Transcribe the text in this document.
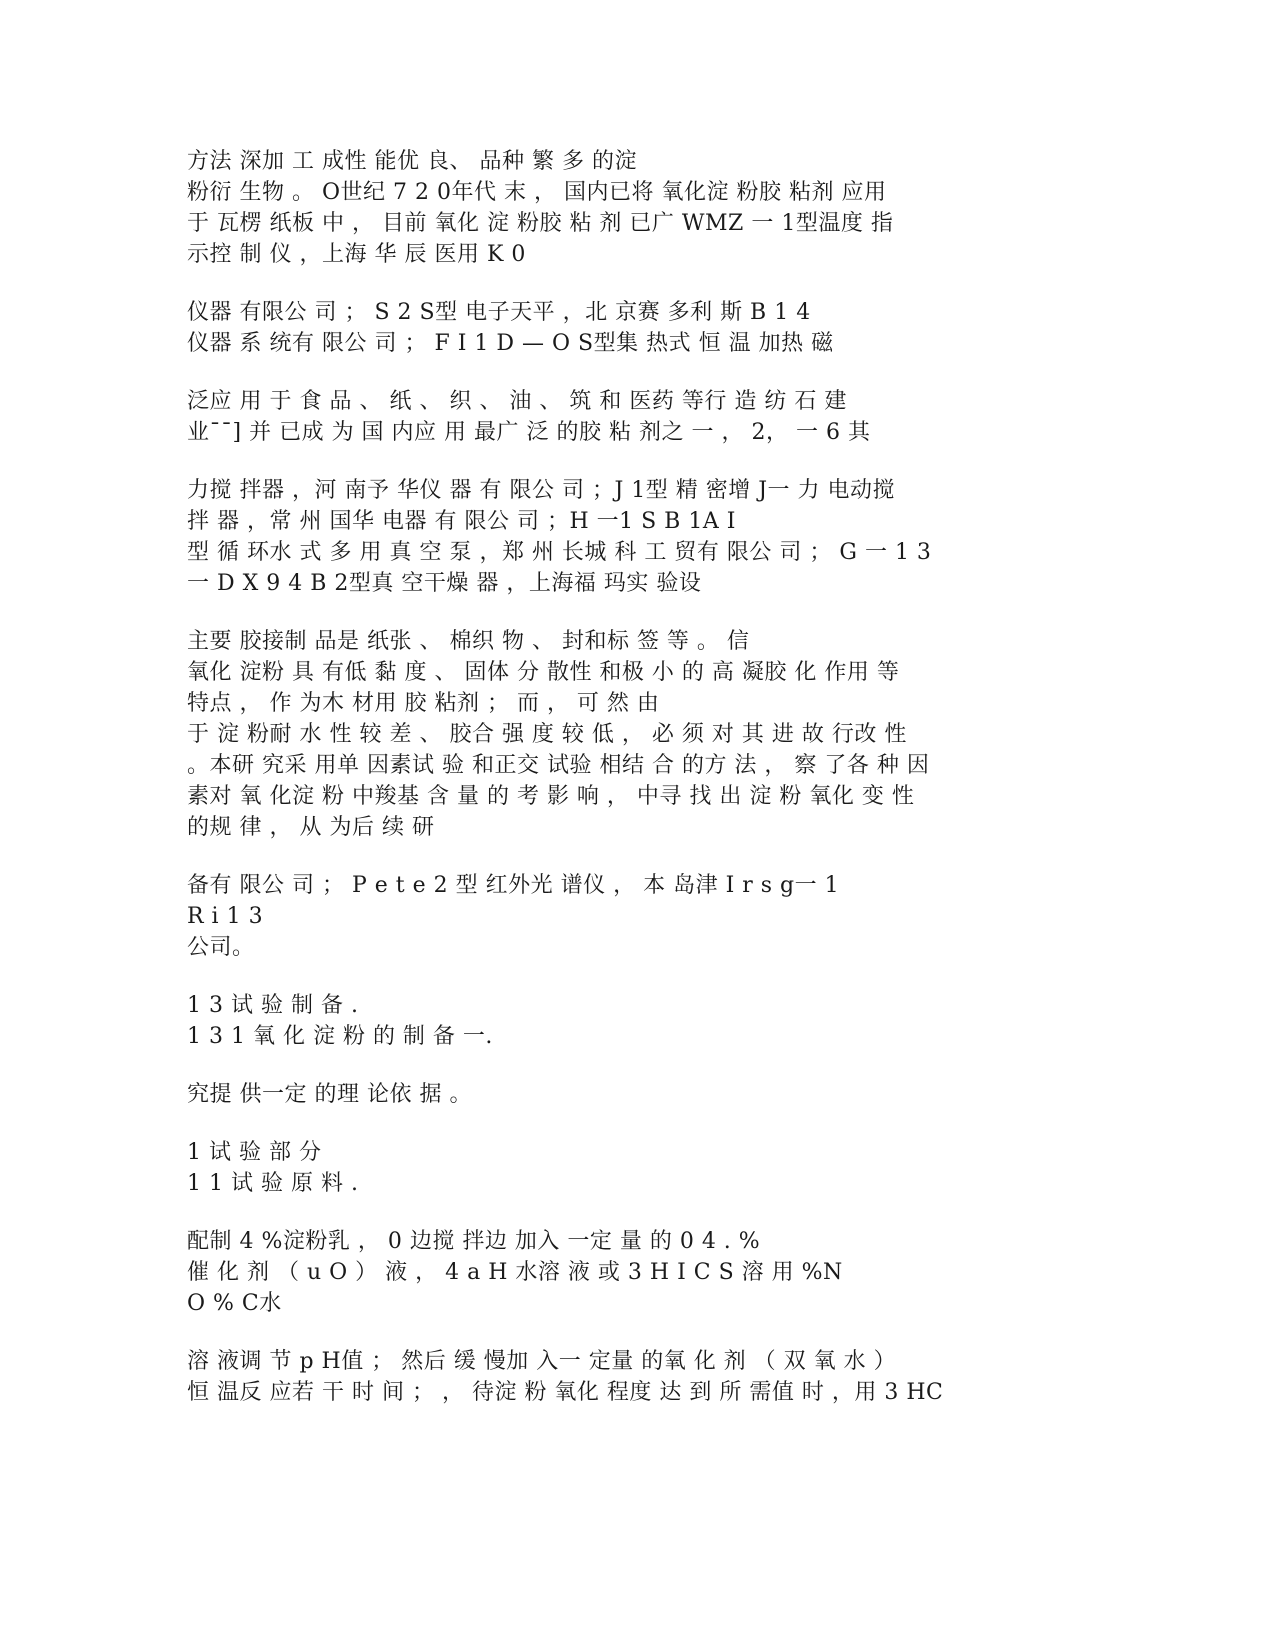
方法 深加 工 成性 能优 良、 品种 繁 多 的淀
粉衍 生物 。 O世纪 7 2 0年代 末 ， 国内已将 氧化淀 粉胶 粘剂 应用
于 瓦楞 纸板 中 ， 目前 氧化 淀 粉胶 粘 剂 已广 WMZ 一 1型温度 指
示控 制 仪 ，上海 华 辰 医用 K 0
仪器 有限公 司 ； S 2 S型 电子天平 ，北 京赛 多利 斯 B 1 4
仪器 系 统有 限公 司 ； F I 1 D — O S型集 热式 恒 温 加热 磁
泛应 用 于 食 品 、 纸 、 织 、 油 、 筑 和 医药 等行 造 纺 石 建
业¯¯] 并 已成 为 国 内应 用 最广 泛 的胶 粘 剂之 一 ， 2， 一 6 其
力搅 拌器 ，河 南予 华仪 器 有 限公 司 ；J 1型 精 密增 J一 力 电动搅
拌 器 ，常 州 国华 电器 有 限公 司 ；H 一1 S B 1A I
型 循 环水 式 多 用 真 空 泵 ，郑 州 长城 科 工 贸有 限公 司 ； G 一 1 3
一 D X 9 4 B 2型真 空干燥 器 ，上海福 玛实 验设
主要 胶接制 品是 纸张 、 棉织 物 、 封和标 签 等 。 信
氧化 淀粉 具 有低 黏 度 、 固体 分 散性 和极 小 的 高 凝胶 化 作用 等
特点 ， 作 为木 材用 胶 粘剂 ； 而 ， 可 然 由
于 淀 粉耐 水 性 较 差 、 胶合 强 度 较 低 ， 必 须 对 其 进 故 行改 性
。本研 究采 用单 因素试 验 和正交 试验 相结 合 的方 法 ， 察 了各 种 因
素对 氧 化淀 粉 中羧基 含 量 的 考 影 响 ， 中寻 找 出 淀 粉 氧化 变 性
的规 律 ， 从 为后 续 研
备有 限公 司 ； P e t e 2 型 红外光 谱仪 ， 本 岛津 I r s g一 1
R i 1 3
公司。
1 3 试 验 制 备 .
1 3 1 氧 化 淀 粉 的 制 备 一.
究提 供一定 的理 论依 据 。
1 试 验 部 分
1 1 试 验 原 料 .
配制 4 %淀粉乳 ， 0 边搅 拌边 加入 一定 量 的 0 4 . %
催 化 剂 （ u O ） 液 ， 4 a H 水溶 液 或 3 H I C S 溶 用 %N
O % C水
溶 液调 节 p H值 ； 然后 缓 慢加 入一 定量 的氧 化 剂 （ 双 氧 水 ）
恒 温反 应若 干 时 间 ； ， 待淀 粉 氧化 程度 达 到 所 需值 时 ，用 3 HC
